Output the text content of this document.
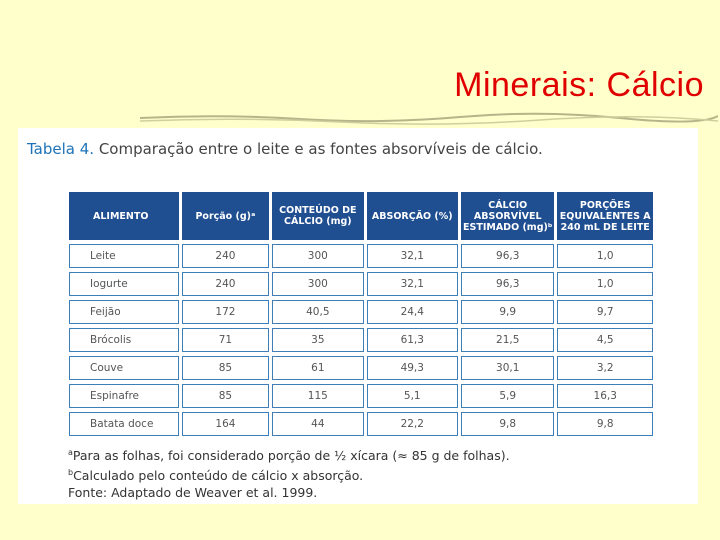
Minerais: Cálcio
Tabela 4. Comparação entre o leite e as fontes absorvíveis de cálcio.
ALIMENTO	Porção (g)ᵃ	CONTEÚDO DE CÁLCIO (mg)	ABSORÇÃO (%)	CÁLCIO ABSORVÍVEL ESTIMADO (mg)ᵇ	PORÇÕES EQUIVALENTES A 240 mL DE LEITE
Leite	240	300	32,1	96,3	1,0
Iogurte	240	300	32,1	96,3	1,0
Feijão	172	40,5	24,4	9,9	9,7
Brócolis	71	35	61,3	21,5	4,5
Couve	85	61	49,3	30,1	3,2
Espinafre	85	115	5,1	5,9	16,3
Batata doce	164	44	22,2	9,8	9,8
$^a$Para as folhas, foi considerado porção de ½ xícara (≈ 85 g de folhas).
$^b$Calculado pelo conteúdo de cálcio x absorção.
Fonte: Adaptado de Weaver et al. 1999.
